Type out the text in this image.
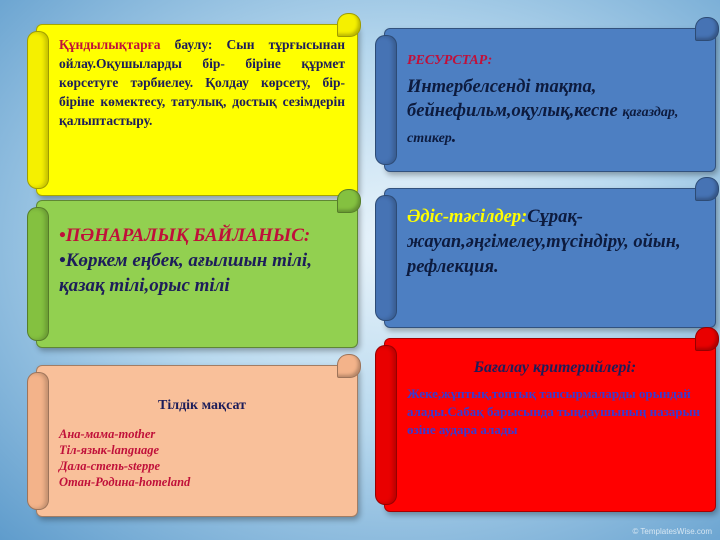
Құндылықтарға баулу: Сын тұрғысынан ойлау.Оқушыларды бір- біріне құрмет көрсетуге тәрбиелеу. Қолдау көрсету, бір- біріне көмектесу, татулық, достық сезімдерін қалыптастыру.
•ПӘНАРАЛЫҚ БАЙЛАНЫС:
•Көркем еңбек, ағылшын тілі, қазақ тілі,орыс тілі
Тілдік мақсат
Ана-мама-mother
Тіл-язык-language
Дала-степь-steppe
Отан-Родина-homeland
РЕСУРСТАР:
Интербелсенді тақта, бейнефильм,оқулық,кеспе қағаздар, стикер.
Әдіс-тәсілдер:Сұрақ-жауап,әңгімелеу,түсіндіру, ойын, рефлекция.
Бағалау критерийлері:
Жеке,жұптық,топтық тапсырмаларды орындай алады.Сабақ барысында тыңдаушының назарын өзіне аудара алады
© TemplatesWise.com
